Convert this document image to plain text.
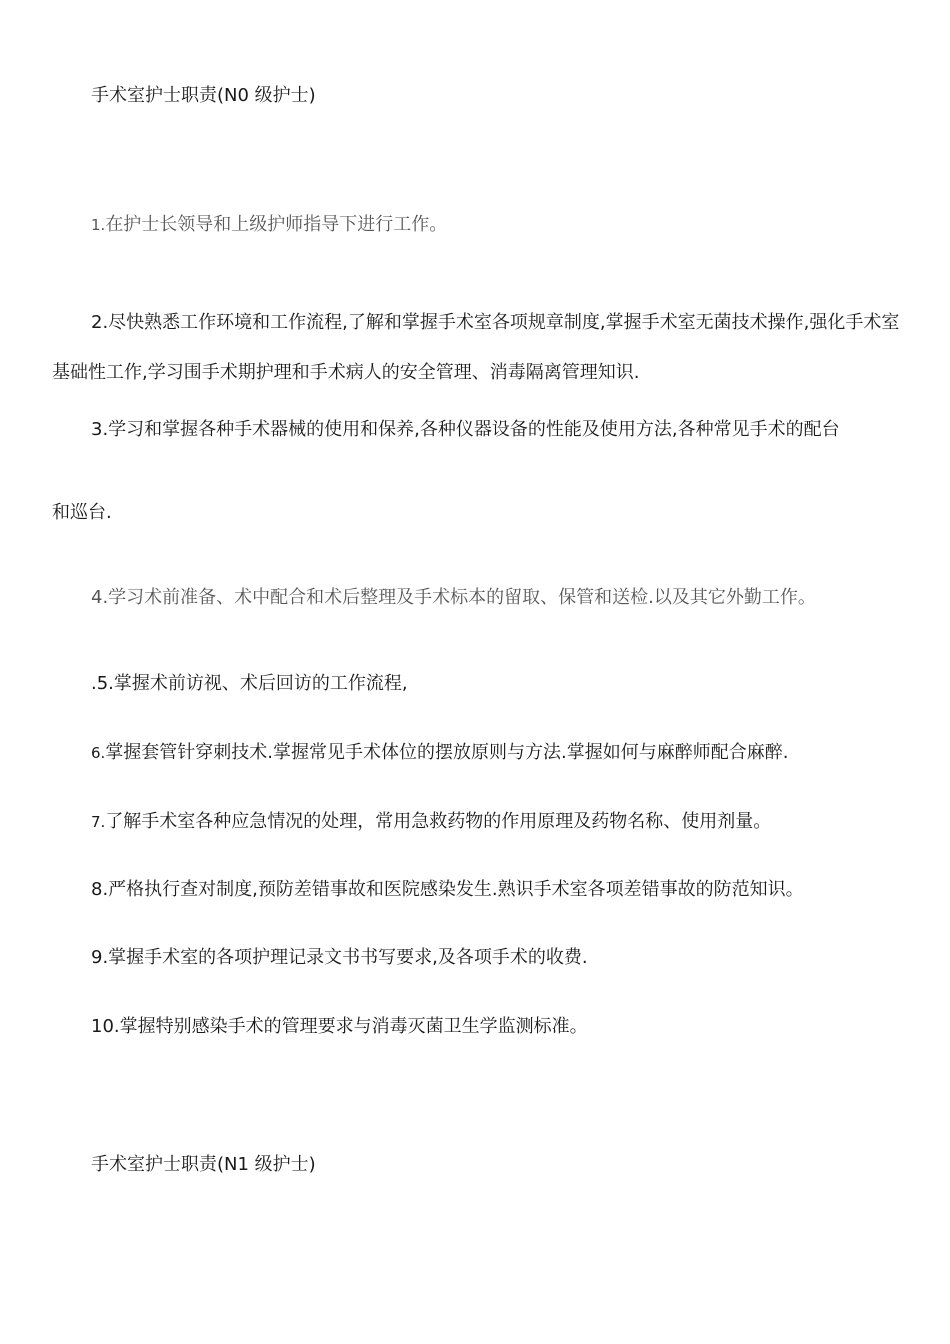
手术室护士职责(N0 级护士)

1.在护士长领导和上级护师指导下进行工作。

2.尽快熟悉工作环境和工作流程,了解和掌握手术室各项规章制度,掌握手术室无菌技术操作,强化手术室基础性工作,学习围手术期护理和手术病人的安全管理、消毒隔离管理知识.

3.学习和掌握各种手术器械的使用和保养,各种仪器设备的性能及使用方法,各种常见手术的配台

和巡台.

4.学习术前准备、术中配合和术后整理及手术标本的留取、保管和送检.以及其它外勤工作。

.5.掌握术前访视、术后回访的工作流程,

6.掌握套管针穿刺技术.掌握常见手术体位的摆放原则与方法.掌握如何与麻醉师配合麻醉.

7.了解手术室各种应急情况的处理，常用急救药物的作用原理及药物名称、使用剂量。

8.严格执行查对制度,预防差错事故和医院感染发生.熟识手术室各项差错事故的防范知识。

9.掌握手术室的各项护理记录文书书写要求,及各项手术的收费.

10.掌握特别感染手术的管理要求与消毒灭菌卫生学监测标准。

手术室护士职责(N1 级护士)
